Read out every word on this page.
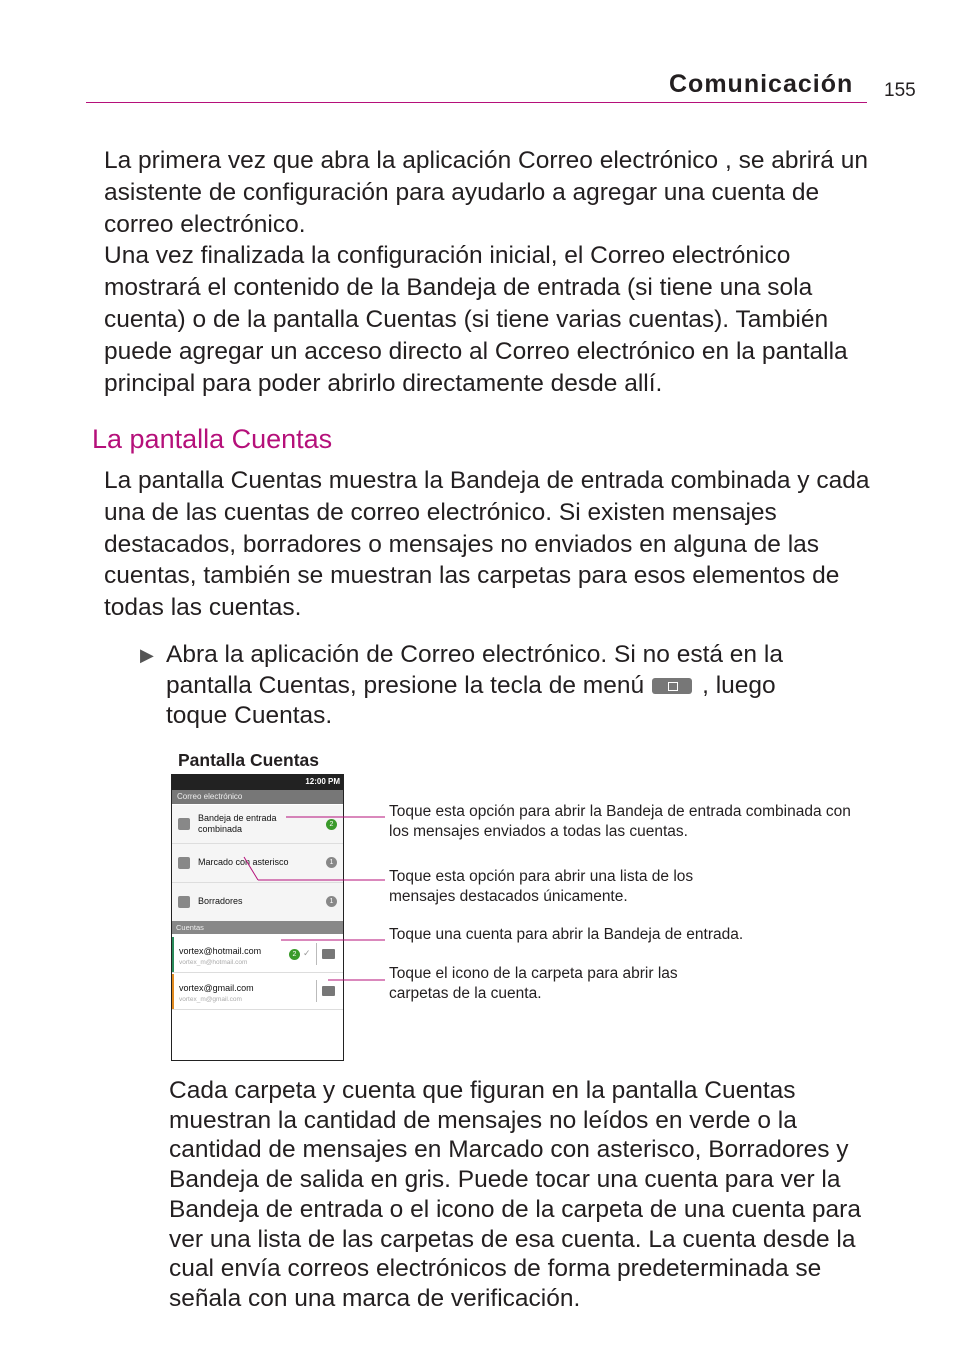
Comunicación 155

La primera vez que abra la aplicación Correo electrónico , se abrirá un asistente de configuración para ayudarlo a agregar una cuenta de correo electrónico.

Una vez finalizada la configuración inicial, el Correo electrónico mostrará el contenido de la Bandeja de entrada (si tiene una sola cuenta) o de la pantalla Cuentas (si tiene varias cuentas). También puede agregar un acceso directo al Correo electrónico en la pantalla principal para poder abrirlo directamente desde allí.

La pantalla Cuentas

La pantalla Cuentas muestra la Bandeja de entrada combinada y cada una de las cuentas de correo electrónico. Si existen mensajes destacados, borradores o mensajes no enviados en alguna de las cuentas, también se muestran las carpetas para esos elementos de todas las cuentas.

▶ Abra la aplicación de Correo electrónico. Si no está en la pantalla Cuentas, presione la tecla de menú , luego toque Cuentas.
Pantalla Cuentas
12:00 PM
Correo electrónico
Bandeja de entrada
combinada	2
Marcado con asterisco	1
Borradores	1
Cuentas
vortex@hotmail.com
vortex_m@hotmail.com
2 ✓
vortex@gmail.com
vortex_m@gmail.com
Toque esta opción para abrir la Bandeja de entrada combinada con los mensajes enviados a todas las cuentas.
Toque esta opción para abrir una lista de los mensajes destacados únicamente.
Toque una cuenta para abrir la Bandeja de entrada.
Toque el icono de la carpeta para abrir las carpetas de la cuenta.

Cada carpeta y cuenta que figuran en la pantalla Cuentas muestran la cantidad de mensajes no leídos en verde o la cantidad de mensajes en Marcado con asterisco, Borradores y Bandeja de salida en gris. Puede tocar una cuenta para ver la Bandeja de entrada o el icono de la carpeta de una cuenta para ver una lista de las carpetas de esa cuenta. La cuenta desde la cual envía correos electrónicos de forma predeterminada se señala con una marca de verificación.
